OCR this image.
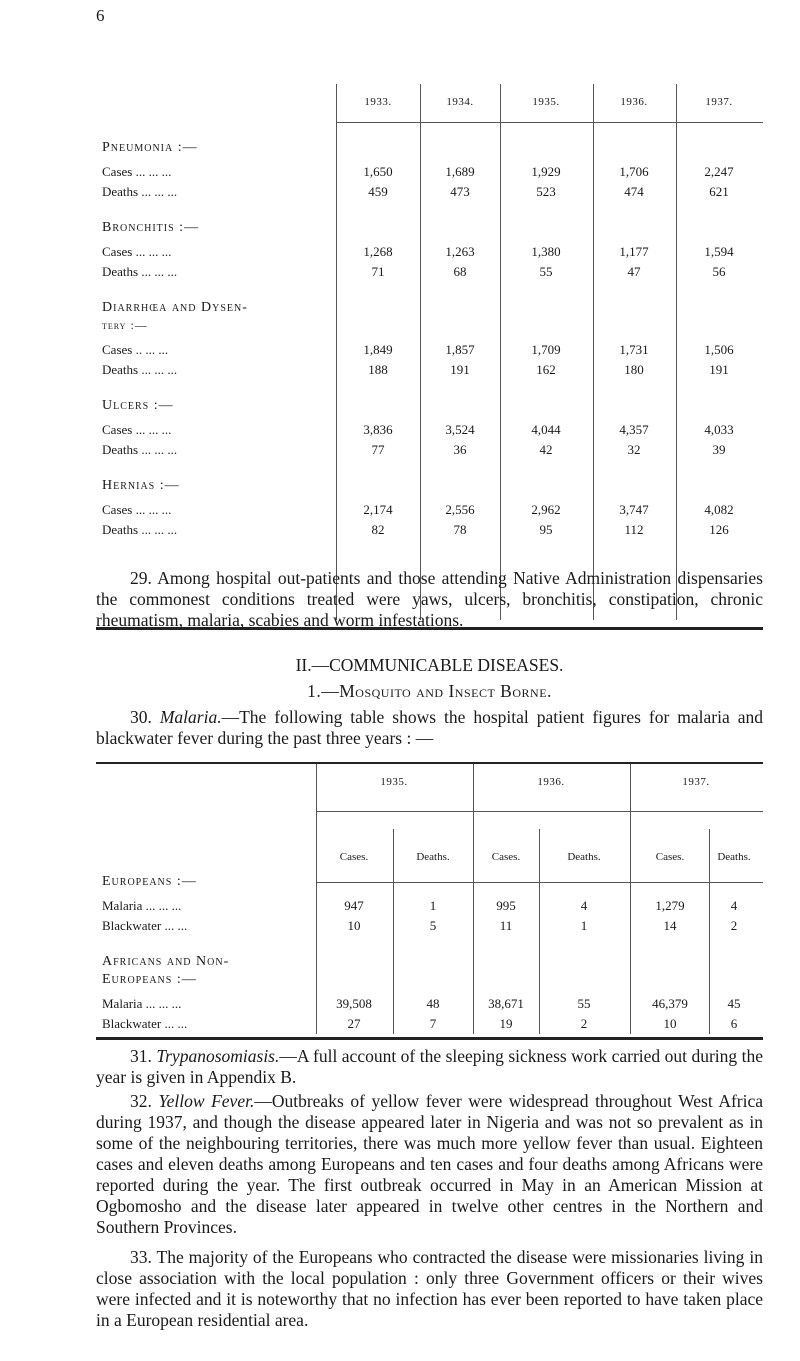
6
1933.	1934.	1935.	1936.	1937.
Pneumonia :—
Cases ... ... ...	1,650	1,689	1,929	1,706	2,247
Deaths ... ... ...	459	473	523	474	621
Bronchitis :—
Cases ... ... ...	1,268	1,263	1,380	1,177	1,594
Deaths ... ... ...	71	68	55	47	56
Diarrhœa and Dysen-
tery :—
Cases .. ... ...	1,849	1,857	1,709	1,731	1,506
Deaths ... ... ...	188	191	162	180	191
Ulcers :—
Cases ... ... ...	3,836	3,524	4,044	4,357	4,033
Deaths ... ... ...	77	36	42	32	39
Hernias :—
Cases ... ... ...	2,174	2,556	2,962	3,747	4,082
Deaths ... ... ...	82	78	95	112	126
29. Among hospital out-patients and those attending Native Administration dispensaries the commonest conditions treated were yaws, ulcers, bronchitis, constipation, chronic rheumatism, malaria, scabies and worm infestations.
II.—COMMUNICABLE DISEASES.
1.—Mosquito and Insect Borne.
30. Malaria.—The following table shows the hospital patient figures for malaria and blackwater fever during the past three years : —
1935.	1936.	1937.
Cases.	Deaths.	Cases.	Deaths.	Cases.	Deaths.
Europeans :—
Malaria ... ... ...	947	1	995	4	1,279	4
Blackwater ... ...	10	5	11	1	14	2
Africans and Non-
Europeans :—
Malaria ... ... ...	39,508	48	38,671	55	46,379	45
Blackwater ... ...	27	7	19	2	10	6
31. Trypanosomiasis.—A full account of the sleeping sickness work carried out during the year is given in Appendix B.
32. Yellow Fever.—Outbreaks of yellow fever were widespread throughout West Africa during 1937, and though the disease appeared later in Nigeria and was not so prevalent as in some of the neighbouring territories, there was much more yellow fever than usual. Eighteen cases and eleven deaths among Europeans and ten cases and four deaths among Africans were reported during the year. The first outbreak occurred in May in an American Mission at Ogbomosho and the disease later appeared in twelve other centres in the Northern and Southern Provinces.
33. The majority of the Europeans who contracted the disease were missionaries living in close association with the local population : only three Government officers or their wives were infected and it is noteworthy that no infection has ever been reported to have taken place in a European residential area.
